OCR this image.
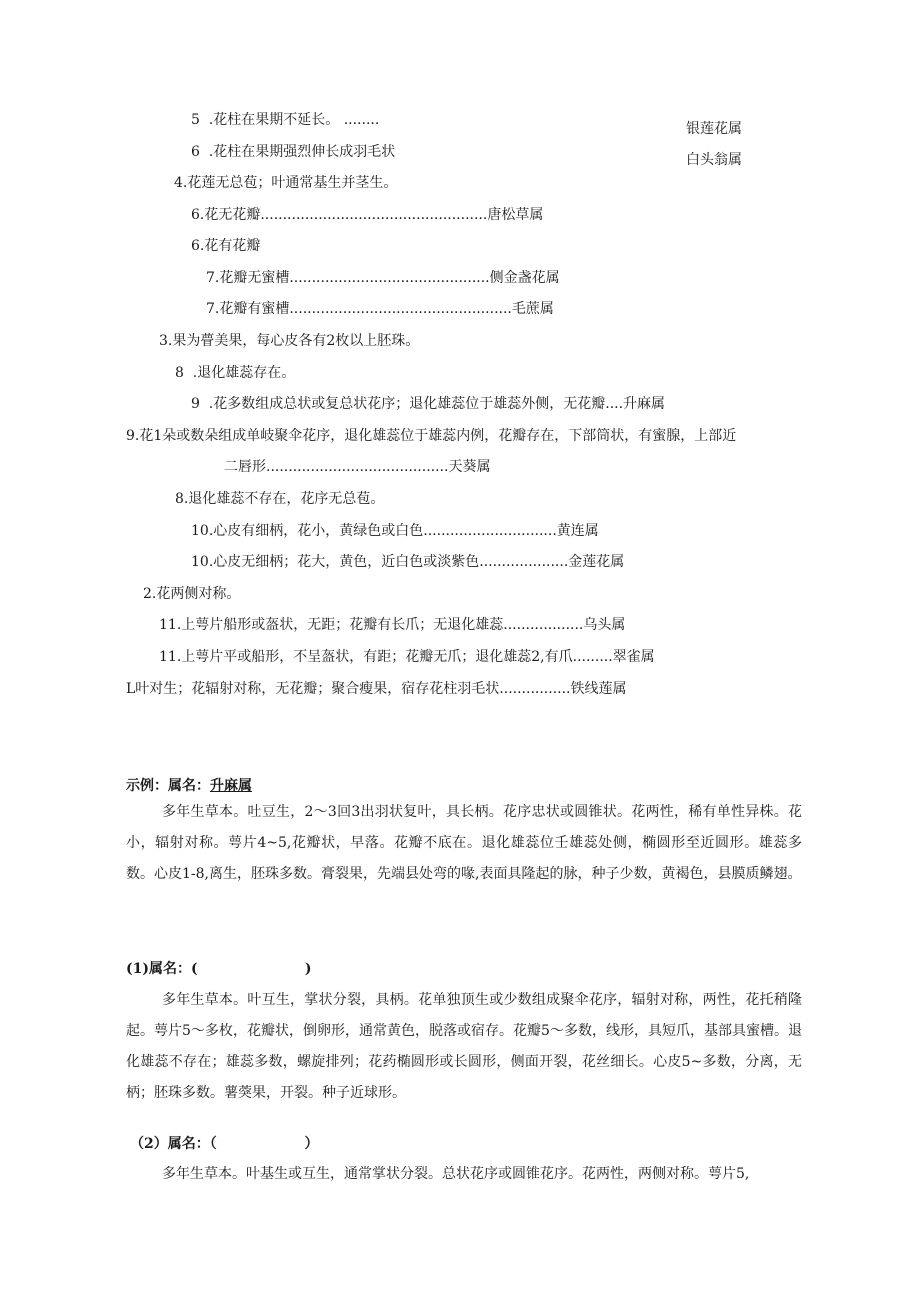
5  .花柱在果期不延长。 ........
银莲花属
6  .花柱在果期强烈伸长成羽毛状	白头翁属
4.花莲无总苞；叶通常基生并茎生。
6.花无花瓣...................................................唐松草属
6.花有花瓣
7.花瓣无蜜槽.............................................侧金盏花属
7.花瓣有蜜槽..................................................毛蔗属
3.果为瞢美果，每心皮各有2枚以上胚珠。
8  .退化雄蕊存在。
9  .花多数组成总状或复总状花序；退化雄蕊位于雄蕊外侧，无花瓣....升麻属
9.花1朵或数朵组成单岐聚伞花序，退化雄蕊位于雄蕊内例，花瓣存在，下部筒状，有蜜腺，上部近
二唇形.........................................天葵属
8.退化雄蕊不存在，花序无总苞。
10.心皮有细柄，花小，黄绿色或白色..............................黄连属
10.心皮无细柄；花大，黄色，近白色或淡紫色....................金莲花属
2.花两侧对称。
11.上萼片船形或盔状，无距；花瓣有长爪；无退化雄蕊..................乌头属
11.上萼片平或船形，不呈盔状，有距；花瓣无爪；退化雄蕊2,有爪.........翠雀属
L叶对生；花辐射对称，无花瓣；聚合瘦果，宿存花柱羽毛状................铁线莲属
示例：属名：升麻属

多年生草本。吐豆生，2～3回3出羽状复叶，具长柄。花序忠状或圆锥状。花两性，稀有单性异株。花小，辐射对称。萼片4~5,花瓣状，早落。花瓣不底在。退化雄蕊位壬雄蕊处侧，椭圆形至近圆形。雄蕊多数。心皮1-8,离生，胚珠多数。膏裂果，先端县处弯的喙,表面具隆起的脉，种子少数，黄褐色，县膜质鳞翅。

(1)属名：(                      )

多年生草本。叶互生，掌状分裂，具柄。花单独顶生或少数组成聚伞花序，辐射对称，两性，花托稍隆起。萼片5～多枚，花瓣状，倒卵形，通常黄色，脱落或宿存。花瓣5～多数，线形，具短爪，基部具蜜槽。退化雄蕊不存在；雄蕊多数，螺旋排列；花药椭圆形或长圆形，侧面开裂，花丝细长。心皮5~多数，分离，无柄；胚珠多数。薯葖果，开裂。种子近球形。

（2）属名：（                  ）

多年生草本。叶基生或互生，通常掌状分裂。总状花序或圆锥花序。花两性，两侧对称。萼片5,
